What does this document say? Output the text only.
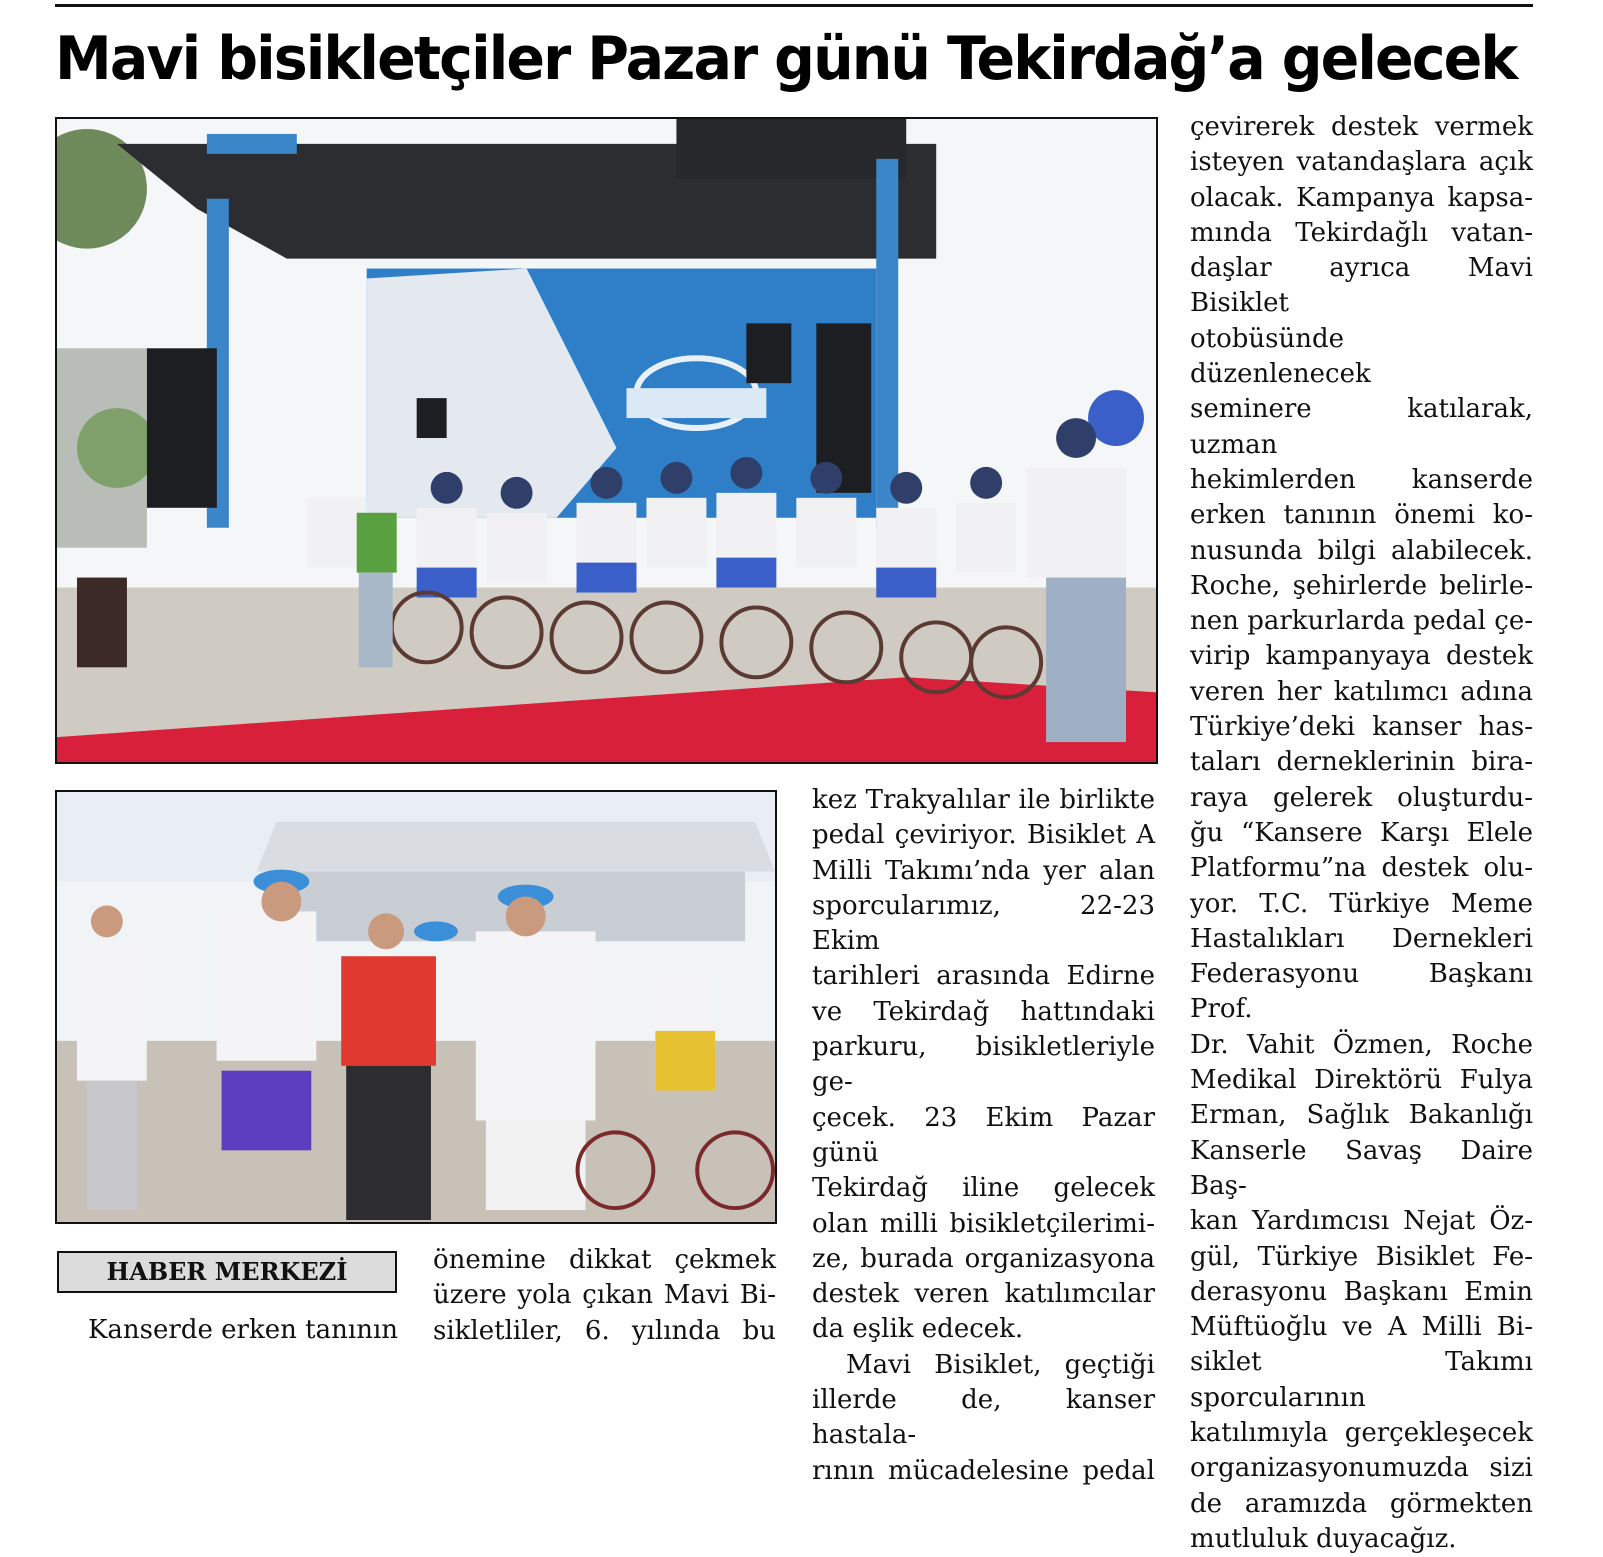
Mavi bisikletçiler Pazar günü Tekirdağ’a gelecek
HABER MERKEZİ

Kanserde erken tanının

önemine dikkat çekmek

üzere yola çıkan Mavi Bi-

sikletliler, 6. yılında bu

kez Trakyalılar ile birlikte

pedal çeviriyor. Bisiklet A

Milli Takımı’nda yer alan

sporcularımız, 22-23 Ekim

tarihleri arasında Edirne

ve Tekirdağ hattındaki

parkuru, bisikletleriyle ge-

çecek. 23 Ekim Pazar günü

Tekirdağ iline gelecek

olan milli bisikletçilerimi-

ze, burada organizasyona

destek veren katılımcılar

da eşlik edecek.

Mavi Bisiklet, geçtiği

illerde de, kanser hastala-

rının mücadelesine pedal

çevirerek destek vermek

isteyen vatandaşlara açık

olacak. Kampanya kapsa-

mında Tekirdağlı vatan-

daşlar ayrıca Mavi Bisiklet

otobüsünde düzenlenecek

seminere katılarak, uzman

hekimlerden kanserde

erken tanının önemi ko-

nusunda bilgi alabilecek.

Roche, şehirlerde belirle-

nen parkurlarda pedal çe-

virip kampanyaya destek

veren her katılımcı adına

Türkiye’deki kanser has-

taları derneklerinin bira-

raya gelerek oluşturdu-

ğu “Kansere Karşı Elele

Platformu”na destek olu-

yor. T.C. Türkiye Meme

Hastalıkları Dernekleri

Federasyonu Başkanı Prof.

Dr. Vahit Özmen, Roche

Medikal Direktörü Fulya

Erman, Sağlık Bakanlığı

Kanserle Savaş Daire Baş-

kan Yardımcısı Nejat Öz-

gül, Türkiye Bisiklet Fe-

derasyonu Başkanı Emin

Müftüoğlu ve A Milli Bi-

siklet Takımı sporcularının

katılımıyla gerçekleşecek

organizasyonumuzda sizi

de aramızda görmekten

mutluluk duyacağız.
